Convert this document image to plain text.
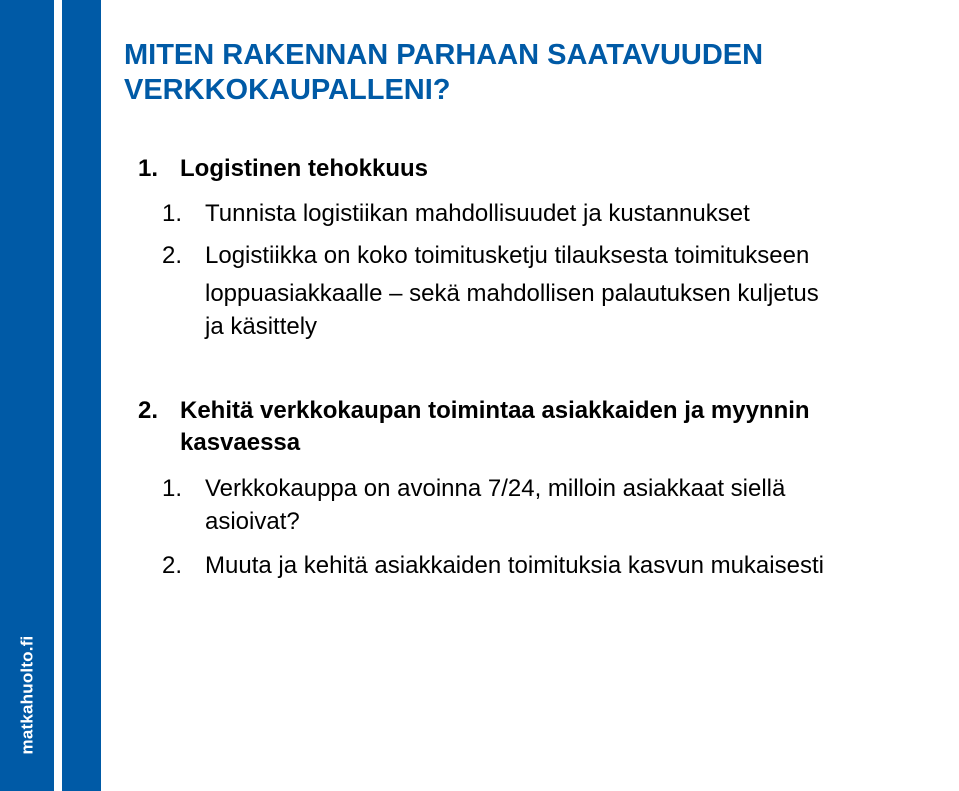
matkahuolto.fi
MITEN RAKENNAN PARHAAN SAATAVUUDEN
VERKKOKAUPALLENI?
1. Logistinen tehokkuus
1. Tunnista logistiikan mahdollisuudet ja kustannukset
2. Logistiikka on koko toimitusketju tilauksesta toimitukseen
loppuasiakkaalle – sekä mahdollisen palautuksen kuljetus
ja käsittely
2. Kehitä verkkokaupan toimintaa asiakkaiden ja myynnin
kasvaessa
1. Verkkokauppa on avoinna 7/24, milloin asiakkaat siellä
asioivat?
2. Muuta ja kehitä asiakkaiden toimituksia kasvun mukaisesti
